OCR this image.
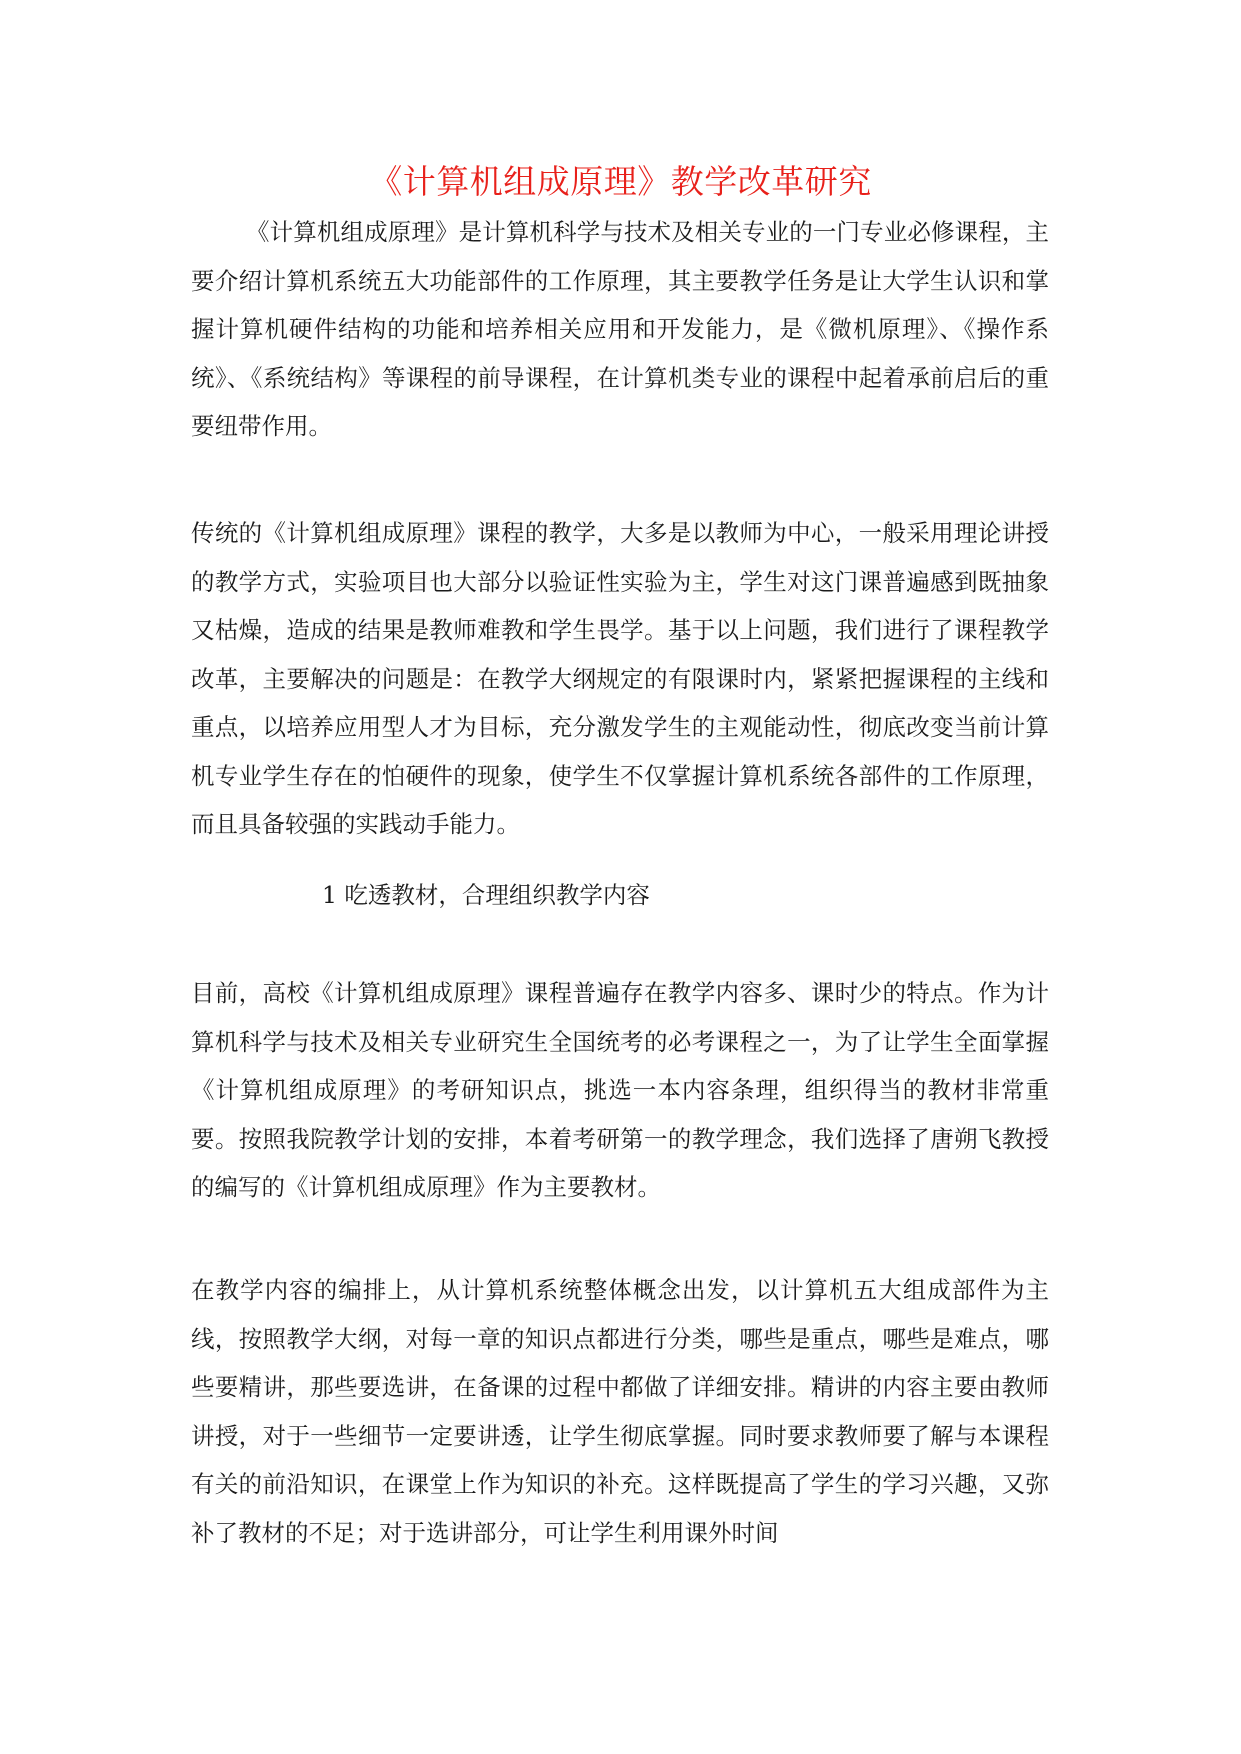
《计算机组成原理》教学改革研究

《计算机组成原理》是计算机科学与技术及相关专业的一门专业必修课程，主要介绍计算机系统五大功能部件的工作原理，其主要教学任务是让大学生认识和掌握计算机硬件结构的功能和培养相关应用和开发能力，是《微机原理》、《操作系统》、《系统结构》等课程的前导课程，在计算机类专业的课程中起着承前启后的重要纽带作用。

传统的《计算机组成原理》课程的教学，大多是以教师为中心，一般采用理论讲授的教学方式，实验项目也大部分以验证性实验为主，学生对这门课普遍感到既抽象又枯燥，造成的结果是教师难教和学生畏学。基于以上问题，我们进行了课程教学改革，主要解决的问题是：在教学大纲规定的有限课时内，紧紧把握课程的主线和重点，以培养应用型人才为目标，充分激发学生的主观能动性，彻底改变当前计算机专业学生存在的怕硬件的现象，使学生不仅掌握计算机系统各部件的工作原理，而且具备较强的实践动手能力。

1 吃透教材，合理组织教学内容

目前，高校《计算机组成原理》课程普遍存在教学内容多、课时少的特点。作为计算机科学与技术及相关专业研究生全国统考的必考课程之一，为了让学生全面掌握《计算机组成原理》的考研知识点，挑选一本内容条理，组织得当的教材非常重要。按照我院教学计划的安排，本着考研第一的教学理念，我们选择了唐朔飞教授的编写的《计算机组成原理》作为主要教材。

在教学内容的编排上，从计算机系统整体概念出发，以计算机五大组成部件为主线，按照教学大纲，对每一章的知识点都进行分类，哪些是重点，哪些是难点，哪些要精讲，那些要选讲，在备课的过程中都做了详细安排。精讲的内容主要由教师讲授，对于一些细节一定要讲透，让学生彻底掌握。同时要求教师要了解与本课程有关的前沿知识，在课堂上作为知识的补充。这样既提高了学生的学习兴趣，又弥补了教材的不足；对于选讲部分，可让学生利用课外时间
